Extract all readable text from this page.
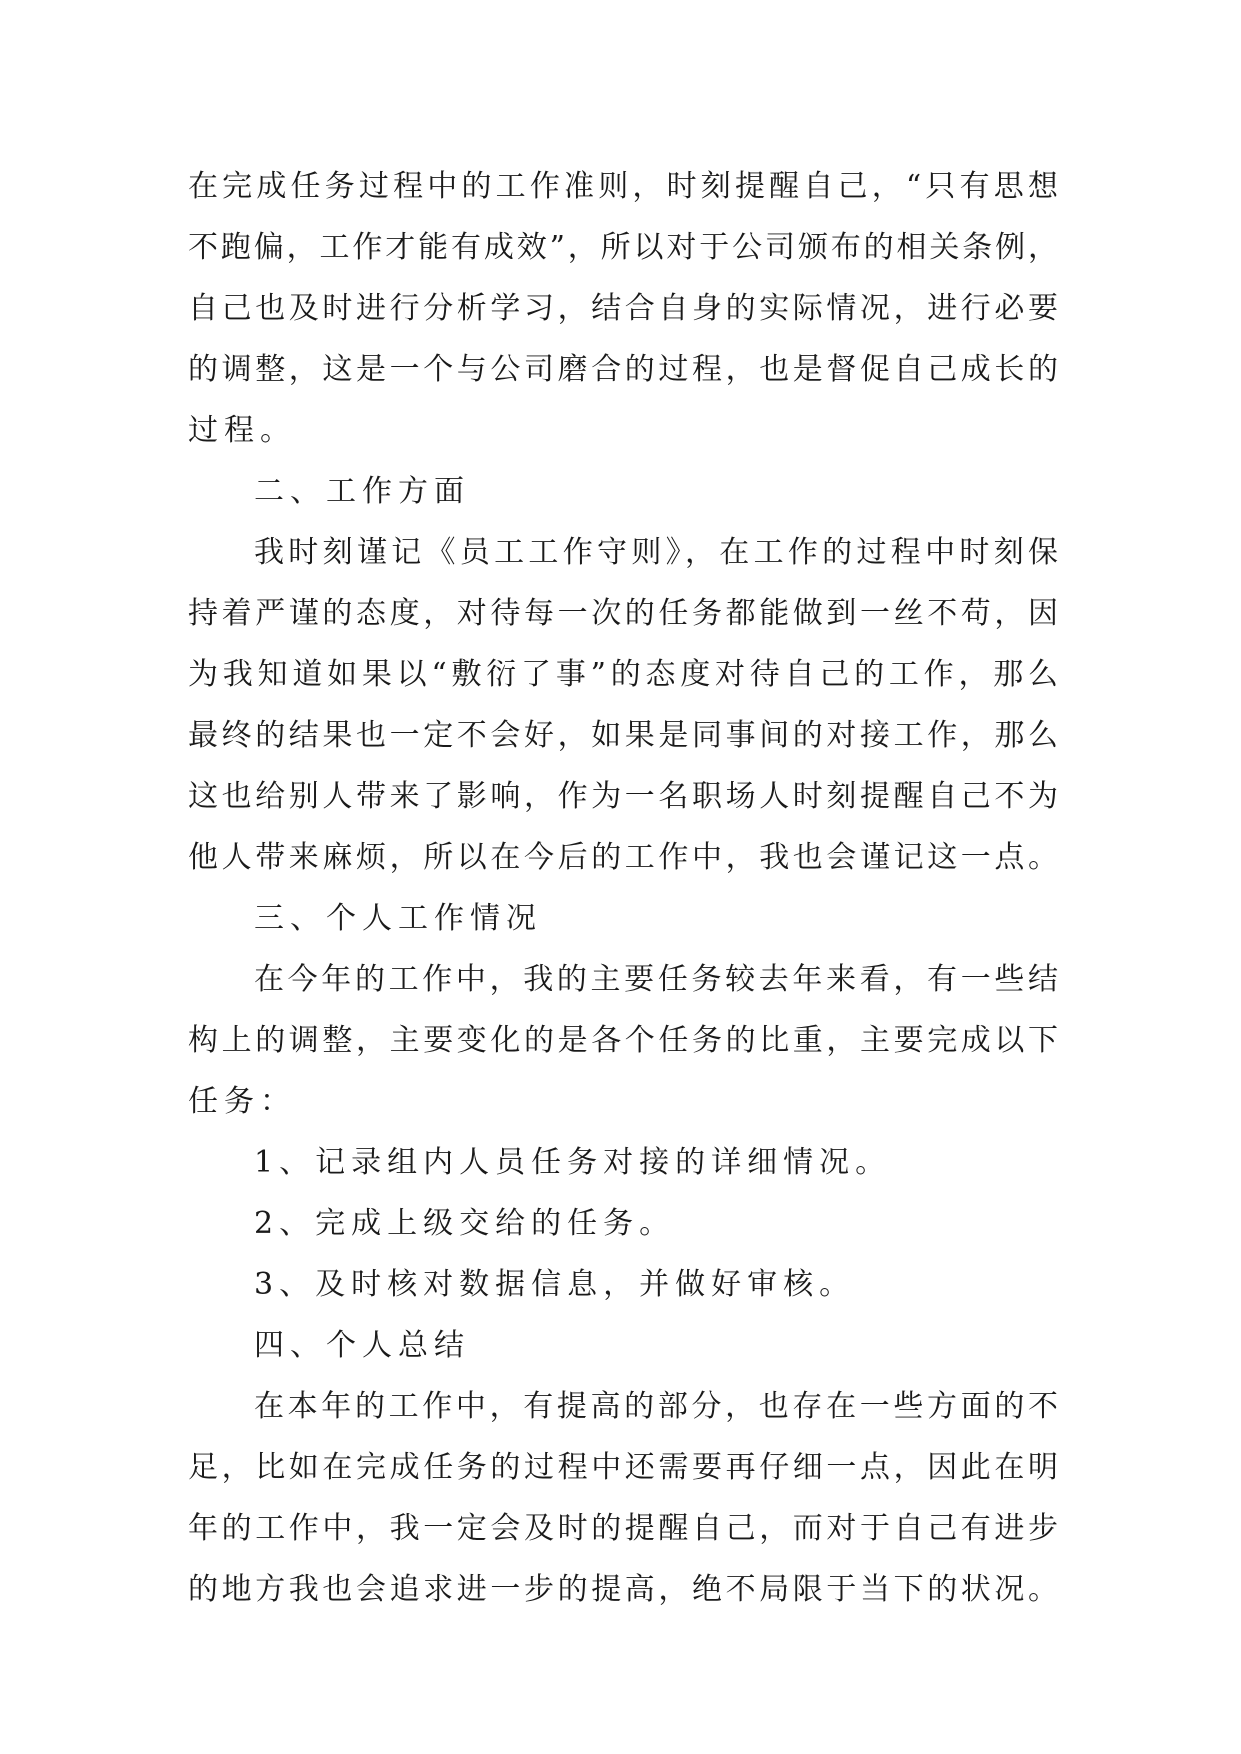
在完成任务过程中的工作准则，时刻提醒自己，“只有思想
不跑偏，工作才能有成效”，所以对于公司颁布的相关条例，
自己也及时进行分析学习，结合自身的实际情况，进行必要
的调整，这是一个与公司磨合的过程，也是督促自己成长的
过程。
二、工作方面
我时刻谨记《员工工作守则》，在工作的过程中时刻保
持着严谨的态度，对待每一次的任务都能做到一丝不苟，因
为我知道如果以“敷衍了事”的态度对待自己的工作，那么
最终的结果也一定不会好，如果是同事间的对接工作，那么
这也给别人带来了影响，作为一名职场人时刻提醒自己不为
他人带来麻烦，所以在今后的工作中，我也会谨记这一点。
三、个人工作情况
在今年的工作中，我的主要任务较去年来看，有一些结
构上的调整，主要变化的是各个任务的比重，主要完成以下
任务：
1、记录组内人员任务对接的详细情况。
2、完成上级交给的任务。
3、及时核对数据信息，并做好审核。
四、个人总结
在本年的工作中，有提高的部分，也存在一些方面的不
足，比如在完成任务的过程中还需要再仔细一点，因此在明
年的工作中，我一定会及时的提醒自己，而对于自己有进步
的地方我也会追求进一步的提高，绝不局限于当下的状况。
